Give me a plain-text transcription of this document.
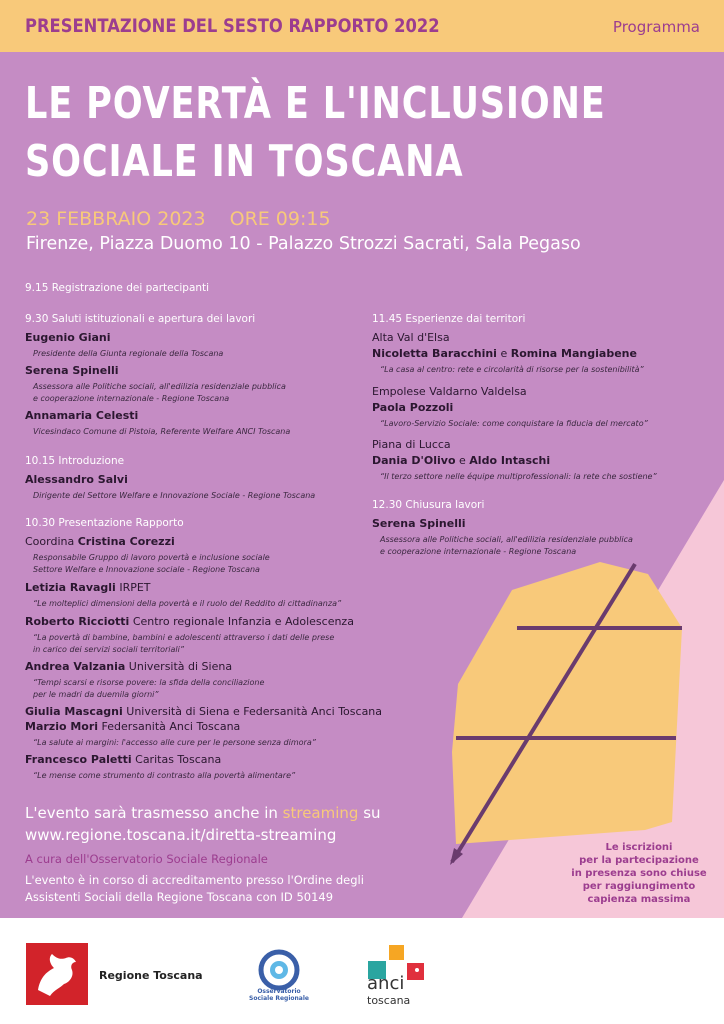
PRESENTAZIONE DEL SESTO RAPPORTO 2022	Programma
LE POVERTÀ E L'INCLUSIONE
SOCIALE IN TOSCANA
23 FEBBRAIO 2023 ORE 09:15
Firenze, Piazza Duomo 10 - Palazzo Strozzi Sacrati, Sala Pegaso
9.15 Registrazione dei partecipanti
9.30 Saluti istituzionali e apertura dei lavori
Eugenio Giani
Presidente della Giunta regionale della Toscana
Serena Spinelli
Assessora alle Politiche sociali, all'edilizia residenziale pubblica
e cooperazione internazionale - Regione Toscana
Annamaria Celesti
Vicesindaco Comune di Pistoia, Referente Welfare ANCI Toscana
10.15 Introduzione
Alessandro Salvi
Dirigente del Settore Welfare e Innovazione Sociale - Regione Toscana
10.30 Presentazione Rapporto
Coordina Cristina Corezzi
Responsabile Gruppo di lavoro povertà e inclusione sociale
Settore Welfare e Innovazione sociale - Regione Toscana
Letizia Ravagli IRPET
“Le molteplici dimensioni della povertà e il ruolo del Reddito di cittadinanza”
Roberto Ricciotti Centro regionale Infanzia e Adolescenza
“La povertà di bambine, bambini e adolescenti attraverso i dati delle prese
in carico dei servizi sociali territoriali”
Andrea Valzania Università di Siena
“Tempi scarsi e risorse povere: la sfida della conciliazione
per le madri da duemila giorni”
Giulia Mascagni Università di Siena e Federsanità Anci Toscana
Marzio Mori Federsanità Anci Toscana
“La salute ai margini: l'accesso alle cure per le persone senza dimora”
Francesco Paletti Caritas Toscana
“Le mense come strumento di contrasto alla povertà alimentare”
11.45 Esperienze dai territori
Alta Val d'Elsa
Nicoletta Baracchini e Romina Mangiabene
“La casa al centro: rete e circolarità di risorse per la sostenibilità”
Empolese Valdarno Valdelsa
Paola Pozzoli
“Lavoro-Servizio Sociale: come conquistare la fiducia del mercato”
Piana di Lucca
Dania D'Olivo e Aldo Intaschi
“Il terzo settore nelle équipe multiprofessionali: la rete che sostiene”
12.30 Chiusura lavori
Serena Spinelli
Assessora alle Politiche sociali, all'edilizia residenziale pubblica
e cooperazione internazionale - Regione Toscana
L'evento sarà trasmesso anche in streaming su
www.regione.toscana.it/diretta-streaming
A cura dell'Osservatorio Sociale Regionale
L'evento è in corso di accreditamento presso l'Ordine degli
Assistenti Sociali della Regione Toscana con ID 50149
Le iscrizioni
per la partecipazione
in presenza sono chiuse
per raggiungimento
capienza massima
Regione Toscana
Osservatorio
Sociale Regionale
anci
toscana
